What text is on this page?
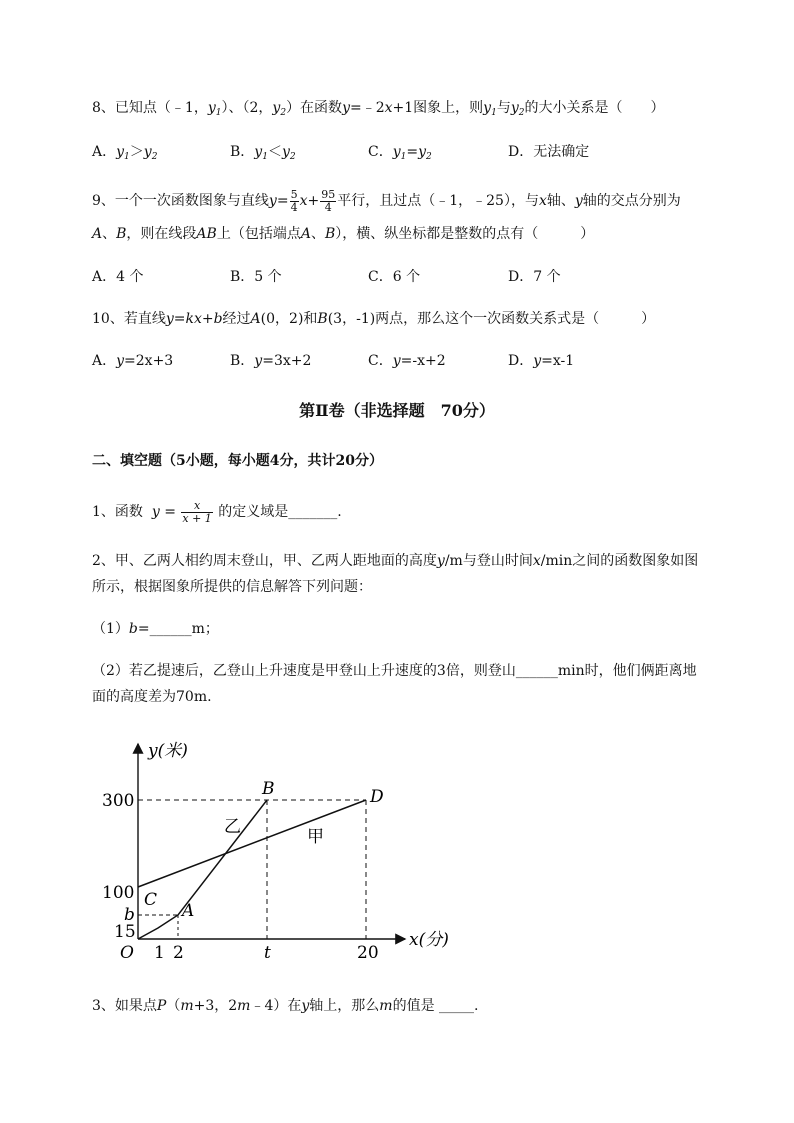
8、已知点（﹣1，$y_1$）、（2，$y_2$）在函数y=﹣2x+1图象上，则$y_1$与$y_2$的大小关系是（　　）
A．$y_1>y_2$	B．$y_1<y_2$	C．$y_1=y_2$	D．无法确定
9、一个一次函数图象与直线$y= \frac{5}{4} x+ \frac{95}{4}$ 平行，且过点（﹣1，﹣25），与x轴、y轴的交点分别为
A、B，则在线段AB上（包括端点A、B），横、纵坐标都是整数的点有（　　　）
A．4 个	B．5 个	C．6 个	D．7 个
10、若直线y=kx+b经过A(0，2)和B(3，-1)两点，那么这个一次函数关系式是（　　　）
A．y=2x+3	B．y=3x+2	C．y=-x+2	D．y=x-1
第Ⅱ卷（非选择题　70分）
二、填空题（5小题，每小题4分，共计20分）
1、函数 $y = \frac{x}{x + 1}$ 的定义域是_______.
2、甲、乙两人相约周末登山，甲、乙两人距地面的高度y/m与登山时间x/min之间的函数图象如图
所示，根据图象所提供的信息解答下列问题：
（1）b=______m；
（2）若乙提速后，乙登山上升速度是甲登山上升速度的3倍，则登山______min时，他们俩距离地
面的高度差为70m.
y(米)
x(分)
O
300
100
b
15
1 2	t	20
A
B
C
D
甲
乙
3、如果点P（m+3，2m﹣4）在y轴上，那么m的值是 _____.
